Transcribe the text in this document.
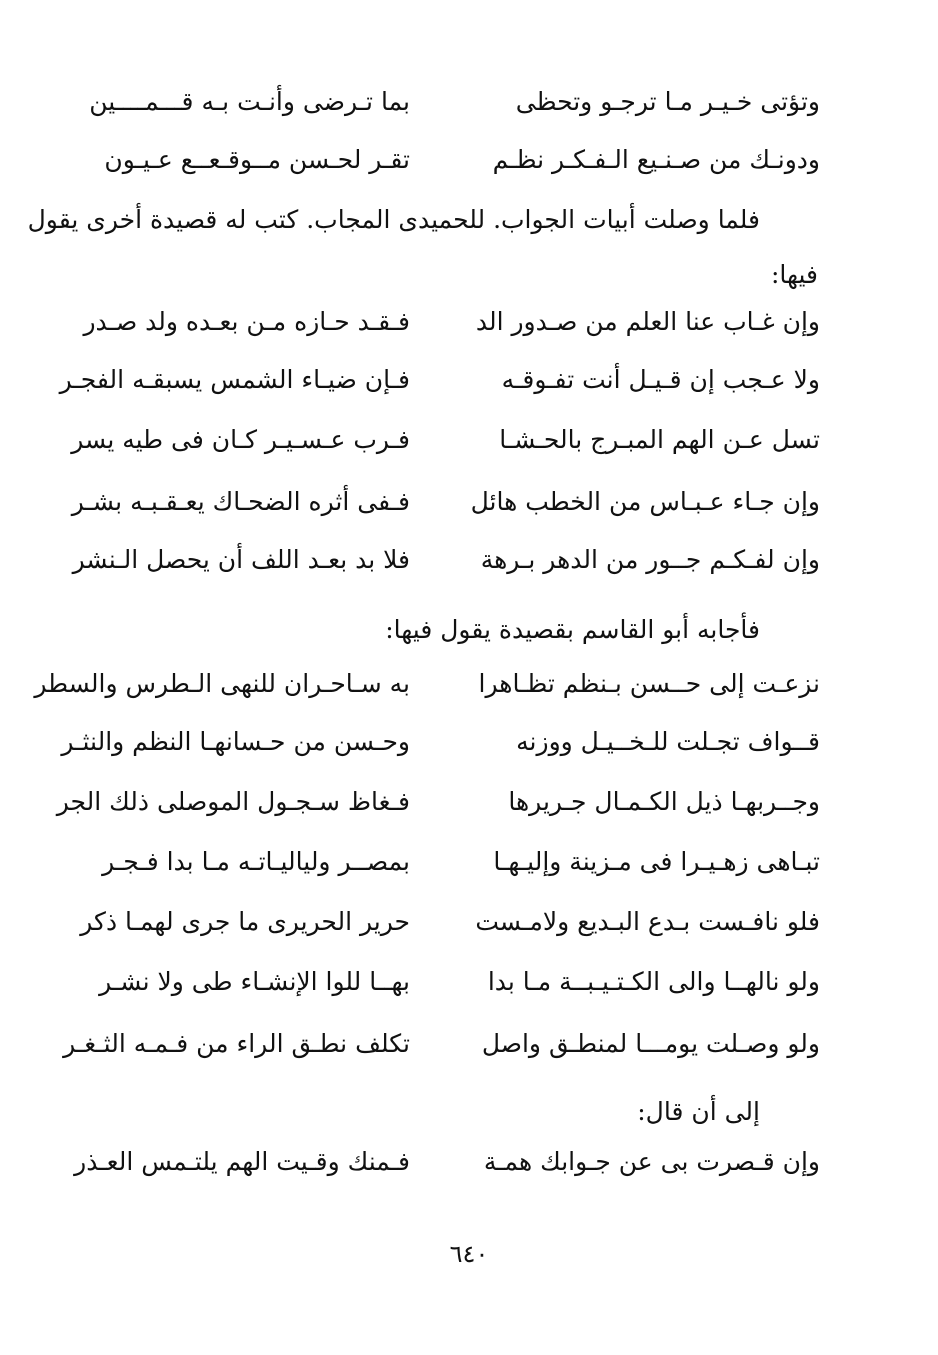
وتؤتى خـيـر مـا ترجـو وتحظى
بما تـرضى وأنـت بـه قـــمــــين
ودونـك من صـنـيع الـفـكـر نظـم
تقـر لحـسن مــوقـعــع عـيـون
فلما وصلت أبيات الجواب. للحميدى المجاب. كتب له قصيدة أخرى يقول
فيها:
وإن غـاب عنا العلم من صـدور الد
فـقـد حـازه مـن بعـده ولد صـدر
ولا عـجب إن قـيـل أنت تفـوقـه
فـإن ضيـاء الشمس يسبقـه الفجـر
تسل عـن الهم المبـرج بالحـشـا
فـرب عـسـيـر كـان فى طيه يسر
وإن جـاء عـبـاس من الخطب هائل
فـفى أثره الضحـاك يعـقـبـه بشـر
وإن لفـكـم جــور من الدهر بـرهة
فلا بد بعـد اللف أن يحصل الـنشر
فأجابه أبو القاسم بقصيدة يقول فيها:
نزعـت إلى حــسن بـنظم تظـاهرا
به سـاحـران للنهى الـطرس والسطر
قــواف تجـلت للـخــيـل ووزنه
وحـسن من حـسانهـا النظم والنثـر
وجــربهـا ذيل الكـمـال جـريرها
فـغاظ سـجـول الموصلى ذلك الجر
تبـاهى زهـيـرا فى مـزينة وإليـهـا
بمصــر ولياليـاتـه مـا بدا فـجـر
فلو نافـست بـدع البـديع ولامـست
حرير الحريرى ما جرى لهمـا ذكر
ولو نالهــا والى الكـتـيـبــة مـا بدا
بهــا للوا الإنشـاء طى ولا نشـر
ولو وصـلت يومـــا لمنطـق واصل
تكلف نطـق الراء من فـمـه الثـغـر
إلى أن قال:
وإن قـصرت بى عن جـوابك همـة
فـمنك وقـيت الهم يلتـمس العـذر
٦٤٠
